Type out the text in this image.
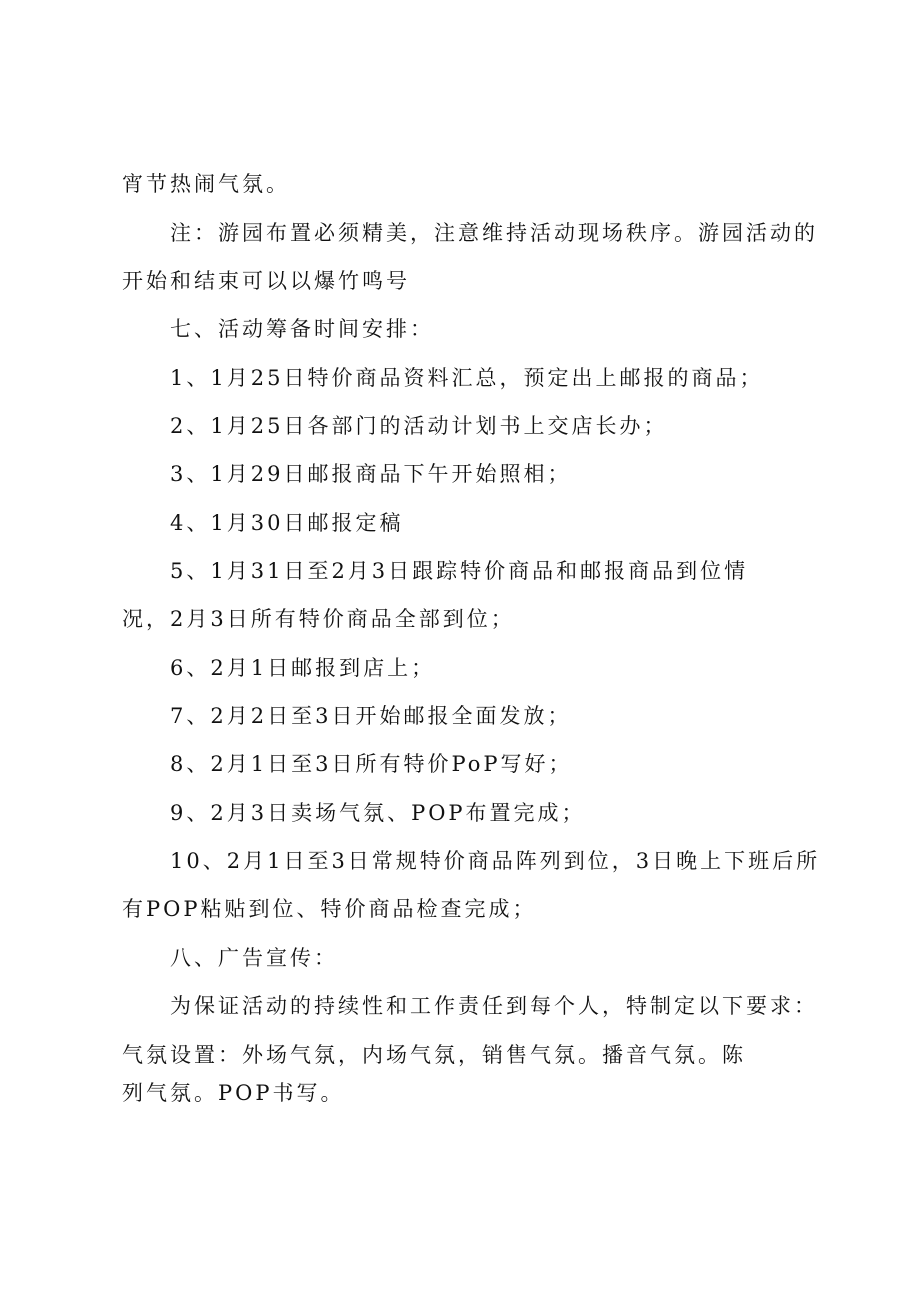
宵节热闹气氛。
注：游园布置必须精美，注意维持活动现场秩序。游园活动的
开始和结束可以以爆竹鸣号
七、活动筹备时间安排：
1、1月25日特价商品资料汇总，预定出上邮报的商品；
2、1月25日各部门的活动计划书上交店长办；
3、1月29日邮报商品下午开始照相；
4、1月30日邮报定稿
5、1月31日至2月3日跟踪特价商品和邮报商品到位情
况，2月3日所有特价商品全部到位；
6、2月1日邮报到店上；
7、2月2日至3日开始邮报全面发放；
8、2月1日至3日所有特价PoP写好；
9、2月3日卖场气氛、POP布置完成；
10、2月1日至3日常规特价商品阵列到位，3日晚上下班后所
有POP粘贴到位、特价商品检查完成；
八、广告宣传：
为保证活动的持续性和工作责任到每个人，特制定以下要求：
气氛设置：外场气氛，内场气氛，销售气氛。播音气氛。陈
列气氛。POP书写。
